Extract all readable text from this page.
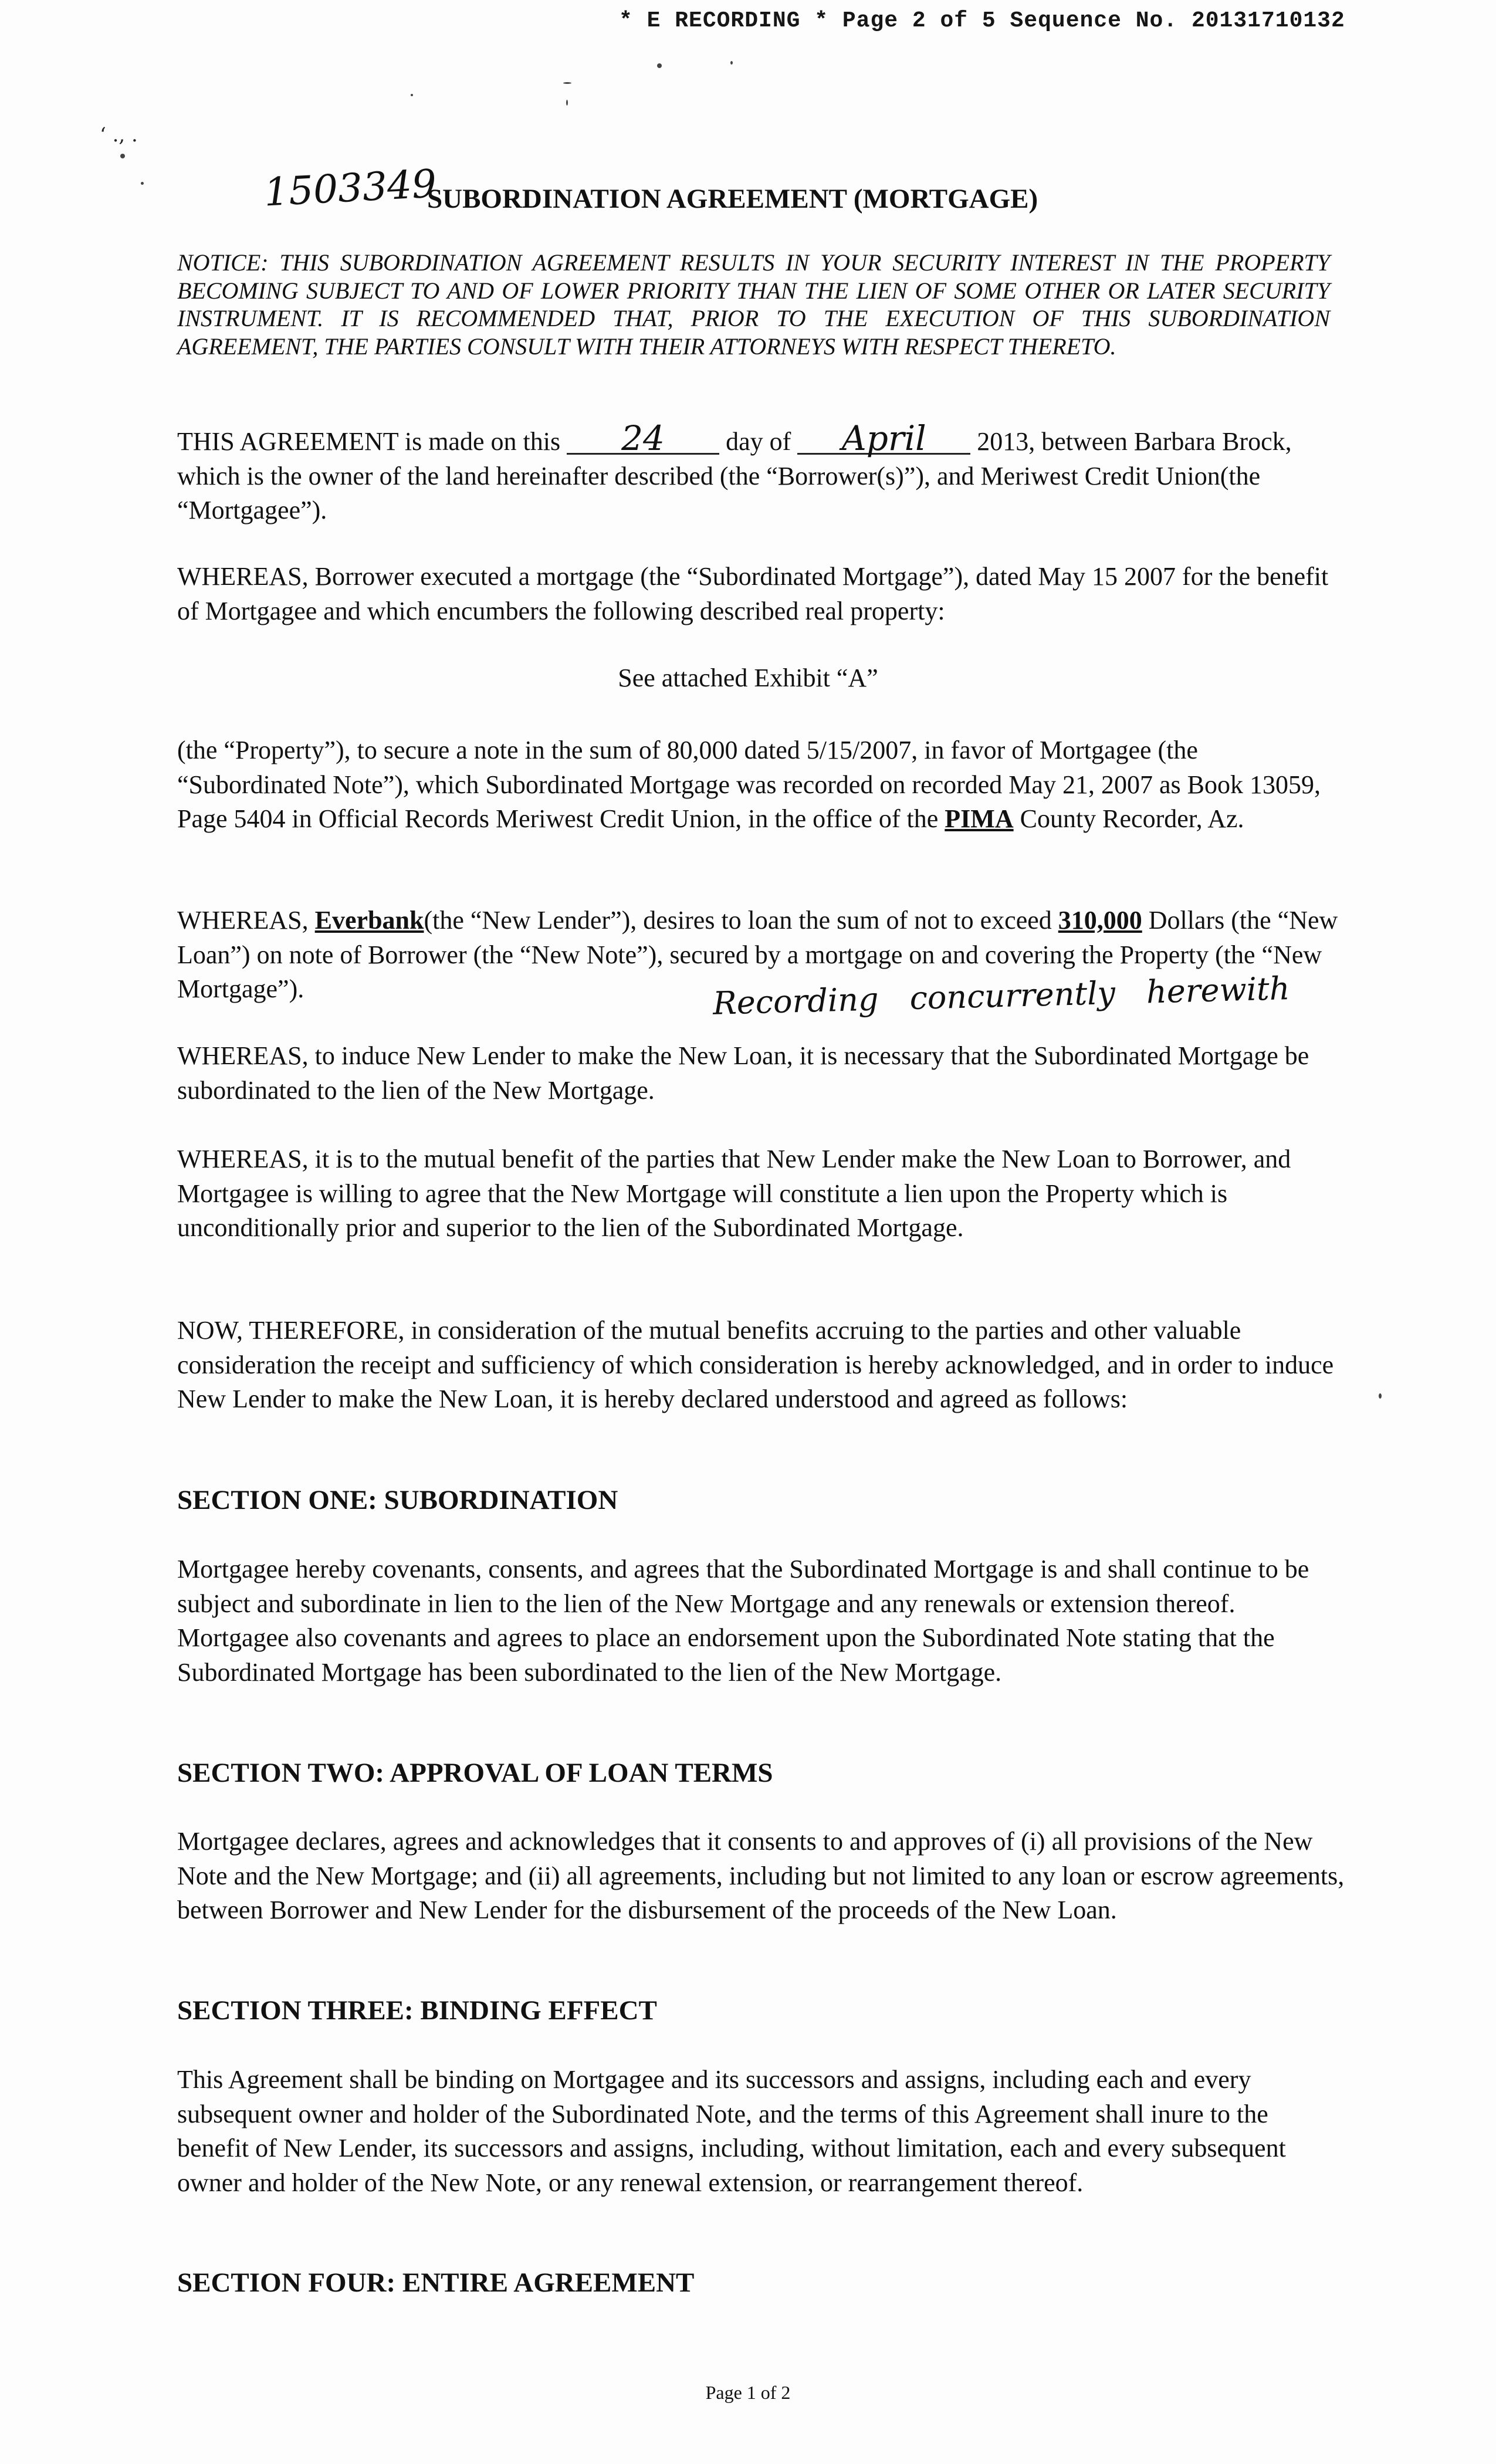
* E RECORDING * Page 2 of 5 Sequence No. 20131710132
‘ ., .
1503349
SUBORDINATION AGREEMENT (MORTGAGE)
NOTICE: THIS SUBORDINATION AGREEMENT RESULTS IN YOUR SECURITY INTEREST IN THE PROPERTY BECOMING SUBJECT TO AND OF LOWER PRIORITY THAN THE LIEN OF SOME OTHER OR LATER SECURITY INSTRUMENT. IT IS RECOMMENDED THAT, PRIOR TO THE EXECUTION OF THIS SUBORDINATION AGREEMENT, THE PARTIES CONSULT WITH THEIR ATTORNEYS WITH RESPECT THERETO.
THIS AGREEMENT is made on this 24 day of April 2013, between Barbara Brock, which is the owner of the land hereinafter described (the “Borrower(s)”), and Meriwest Credit Union(the “Mortgagee”).
WHEREAS, Borrower executed a mortgage (the “Subordinated Mortgage”), dated May 15 2007 for the benefit of Mortgagee and which encumbers the following described real property:
See attached Exhibit “A”
(the “Property”), to secure a note in the sum of 80,000 dated 5/15/2007, in favor of Mortgagee (the “Subordinated Note”), which Subordinated Mortgage was recorded on recorded May 21, 2007 as Book 13059, Page 5404 in Official Records Meriwest Credit Union, in the office of the PIMA County Recorder, Az.
WHEREAS, Everbank(the “New Lender”), desires to loan the sum of not to exceed 310,000 Dollars (the “New Loan”) on note of Borrower (the “New Note”), secured by a mortgage on and covering the Property (the “New Mortgage”).	Recording concurrently herewith
WHEREAS, to induce New Lender to make the New Loan, it is necessary that the Subordinated Mortgage be subordinated to the lien of the New Mortgage.
WHEREAS, it is to the mutual benefit of the parties that New Lender make the New Loan to Borrower, and Mortgagee is willing to agree that the New Mortgage will constitute a lien upon the Property which is unconditionally prior and superior to the lien of the Subordinated Mortgage.
NOW, THEREFORE, in consideration of the mutual benefits accruing to the parties and other valuable consideration the receipt and sufficiency of which consideration is hereby acknowledged, and in order to induce New Lender to make the New Loan, it is hereby declared understood and agreed as follows:
SECTION ONE: SUBORDINATION
Mortgagee hereby covenants, consents, and agrees that the Subordinated Mortgage is and shall continue to be subject and subordinate in lien to the lien of the New Mortgage and any renewals or extension thereof. Mortgagee also covenants and agrees to place an endorsement upon the Subordinated Note stating that the Subordinated Mortgage has been subordinated to the lien of the New Mortgage.
SECTION TWO: APPROVAL OF LOAN TERMS
Mortgagee declares, agrees and acknowledges that it consents to and approves of (i) all provisions of the New Note and the New Mortgage; and (ii) all agreements, including but not limited to any loan or escrow agreements, between Borrower and New Lender for the disbursement of the proceeds of the New Loan.
SECTION THREE: BINDING EFFECT
This Agreement shall be binding on Mortgagee and its successors and assigns, including each and every subsequent owner and holder of the Subordinated Note, and the terms of this Agreement shall inure to the benefit of New Lender, its successors and assigns, including, without limitation, each and every subsequent owner and holder of the New Note, or any renewal extension, or rearrangement thereof.
SECTION FOUR: ENTIRE AGREEMENT
Page 1 of 2
